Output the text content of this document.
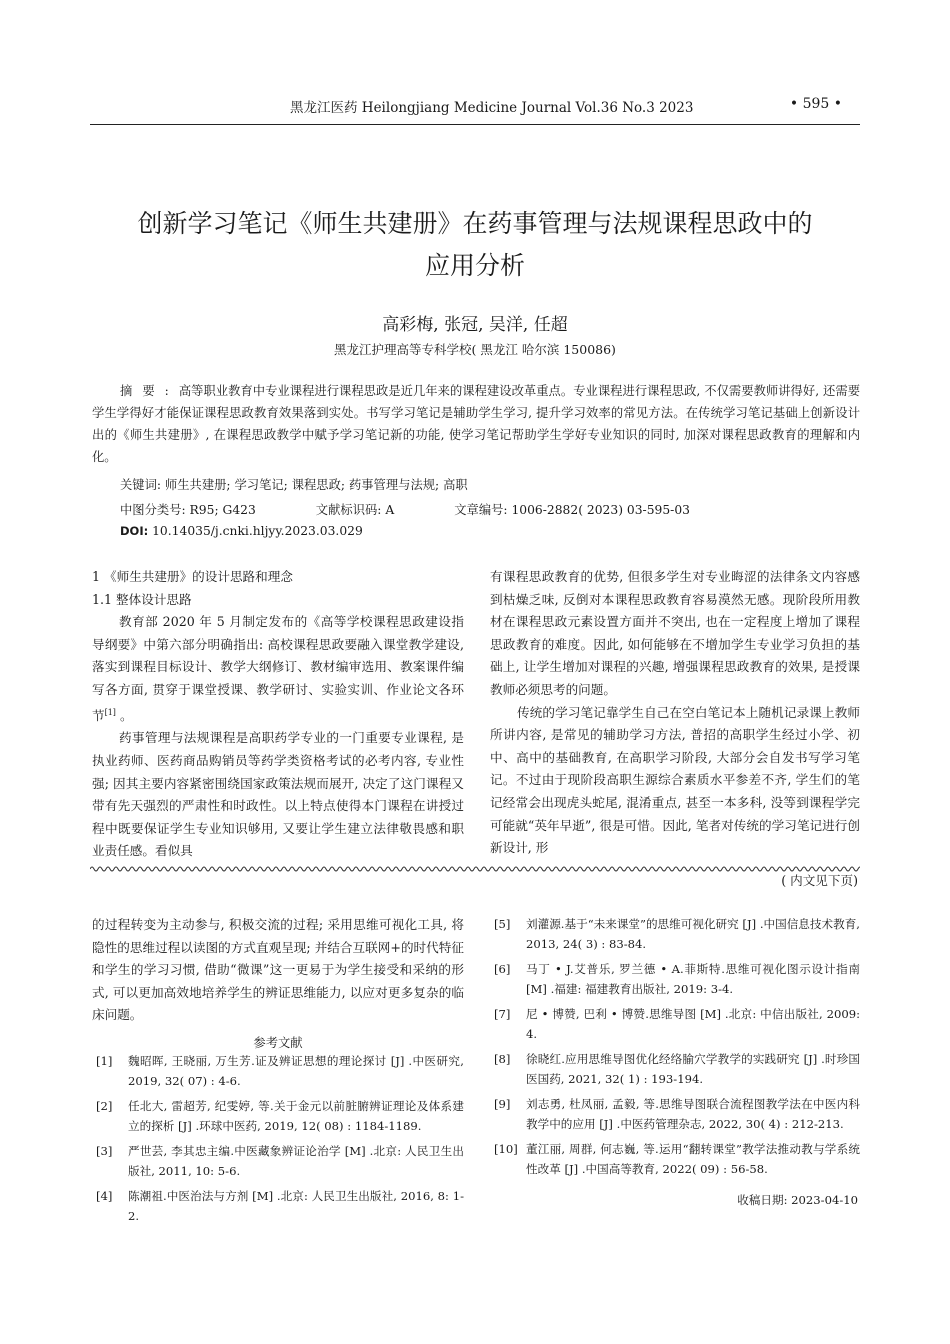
黑龙江医药 Heilongjiang Medicine Journal Vol.36 No.3 2023	• 595 •
创新学习笔记《师生共建册》在药事管理与法规课程思政中的
应用分析
高彩梅, 张冠, 吴洋, 任超
黑龙江护理高等专科学校( 黑龙江 哈尔滨 150086)
摘要:高等职业教育中专业课程进行课程思政是近几年来的课程建设改革重点。专业课程进行课程思政, 不仅需要教师讲得好, 还需要学生学得好才能保证课程思政教育效果落到实处。书写学习笔记是辅助学生学习, 提升学习效率的常见方法。在传统学习笔记基础上创新设计出的《师生共建册》, 在课程思政教学中赋予学习笔记新的功能, 使学习笔记帮助学生学好专业知识的同时, 加深对课程思政教育的理解和内化。
关键词: 师生共建册; 学习笔记; 课程思政; 药事管理与法规; 高职
中图分类号: R95; G423	文献标识码: A	文章编号: 1006-2882( 2023) 03-595-03
DOI: 10.14035/j.cnki.hljyy.2023.03.029

1 《师生共建册》的设计思路和理念

1.1 整体设计思路

教育部 2020 年 5 月制定发布的《高等学校课程思政建设指导纲要》中第六部分明确指出: 高校课程思政要融入课堂教学建设, 落实到课程目标设计、教学大纲修订、教材编审选用、教案课件编写各方面, 贯穿于课堂授课、教学研讨、实验实训、作业论文各环节[1] 。

药事管理与法规课程是高职药学专业的一门重要专业课程, 是执业药师、医药商品购销员等药学类资格考试的必考内容, 专业性强; 因其主要内容紧密围绕国家政策法规而展开, 决定了这门课程又带有先天强烈的严肃性和时政性。以上特点使得本门课程在讲授过程中既要保证学生专业知识够用, 又要让学生建立法律敬畏感和职业责任感。看似具

有课程思政教育的优势, 但很多学生对专业晦涩的法律条文内容感到枯燥乏味, 反倒对本课程思政教育容易漠然无感。现阶段所用教材在课程思政元素设置方面并不突出, 也在一定程度上增加了课程思政教育的难度。因此, 如何能够在不增加学生专业学习负担的基础上, 让学生增加对课程的兴趣, 增强课程思政教育的效果, 是授课教师必须思考的问题。

传统的学习笔记靠学生自己在空白笔记本上随机记录课上教师所讲内容, 是常见的辅助学习方法, 普招的高职学生经过小学、初中、高中的基础教育, 在高职学习阶段, 大部分会自发书写学习笔记。不过由于现阶段高职生源综合素质水平参差不齐, 学生们的笔记经常会出现虎头蛇尾, 混淆重点, 甚至一本多科, 没等到课程学完可能就“英年早逝”, 很是可惜。因此, 笔者对传统的学习笔记进行创新设计, 形

( 内文见下页)

的过程转变为主动参与, 积极交流的过程; 采用思维可视化工具, 将隐性的思维过程以读图的方式直观呈现; 并结合互联网+的时代特征和学生的学习习惯, 借助“微课”这一更易于为学生接受和采纳的形式, 可以更加高效地培养学生的辨证思维能力, 以应对更多复杂的临床问题。

参考文献
[1] 魏昭晖, 王晓丽, 万生芳.证及辨证思想的理论探讨 [J] .中医研究, 2019, 32( 07) : 4-6.
[2] 任北大, 雷超芳, 纪雯婷, 等.关于金元以前脏腑辨证理论及体系建立的探析 [J] .环球中医药, 2019, 12( 08) : 1184-1189.
[3] 严世芸, 李其忠主编.中医藏象辨证论治学 [M] .北京: 人民卫生出版社, 2011, 10: 5-6.
[4] 陈潮祖.中医治法与方剂 [M] .北京: 人民卫生出版社, 2016, 8: 1-2.
[5] 刘灌源.基于“未来课堂”的思维可视化研究 [J] .中国信息技术教育, 2013, 24( 3) : 83-84.
[6] 马丁 • J.艾普乐, 罗兰德 • A.菲斯特.思维可视化图示设计指南 [M] .福建: 福建教育出版社, 2019: 3-4.
[7] 尼 • 博赞, 巴利 • 博赞.思维导图 [M] .北京: 中信出版社, 2009: 4.
[8] 徐晓红.应用思维导图优化经络腧穴学教学的实践研究 [J] .时珍国医国药, 2021, 32( 1) : 193-194.
[9] 刘志勇, 杜凤丽, 孟毅, 等.思维导图联合流程图教学法在中医内科教学中的应用 [J] .中医药管理杂志, 2022, 30( 4) : 212-213.
[10] 董江丽, 周群, 何志巍, 等.运用“翻转课堂”教学法推动教与学系统性改革 [J] .中国高等教育, 2022( 09) : 56-58.
收稿日期: 2023-04-10
